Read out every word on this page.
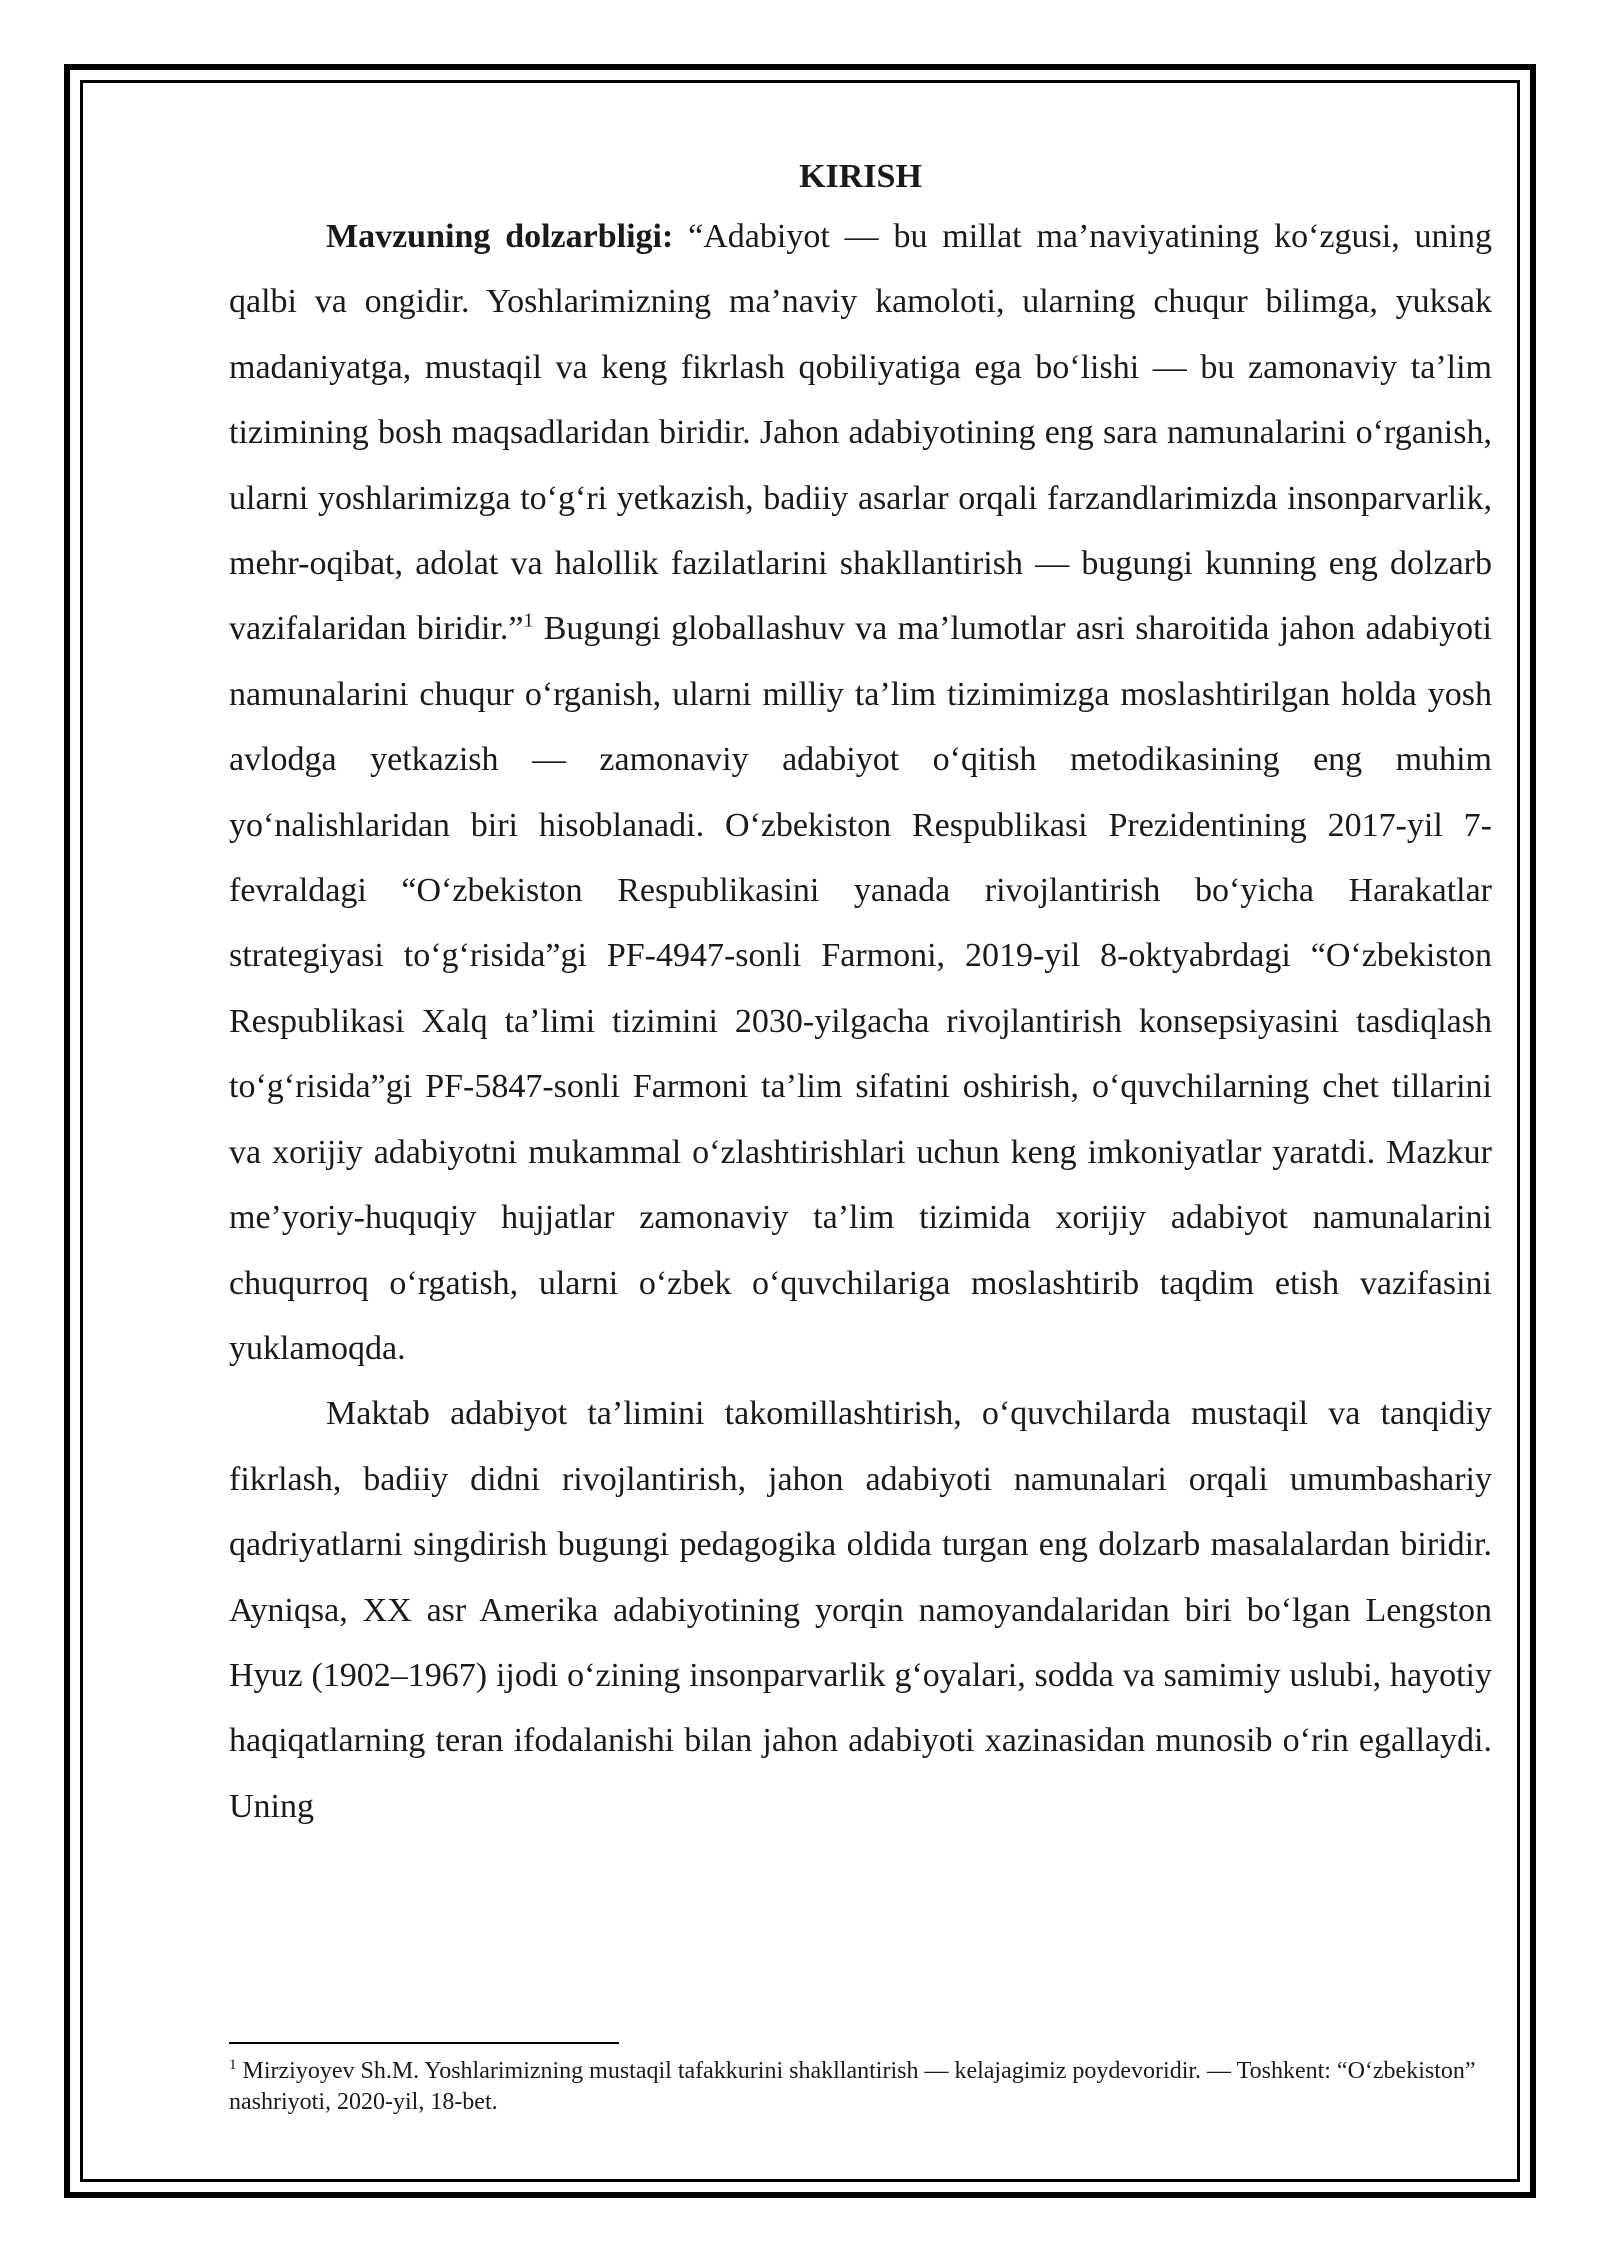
KIRISH

Mavzuning dolzarbligi: “Adabiyot — bu millat ma’naviyatining ko‘zgusi, uning qalbi va ongidir. Yoshlarimizning ma’naviy kamoloti, ularning chuqur bilimga, yuksak madaniyatga, mustaqil va keng fikrlash qobiliyatiga ega bo‘lishi — bu zamonaviy ta’lim tizimining bosh maqsadlaridan biridir. Jahon adabiyotining eng sara namunalarini o‘rganish, ularni yoshlarimizga to‘g‘ri yetkazish, badiiy asarlar orqali farzandlarimizda insonparvarlik, mehr-oqibat, adolat va halollik fazilatlarini shakllantirish — bugungi kunning eng dolzarb vazifalaridan biridir.”$^1$ Bugungi globallashuv va ma’lumotlar asri sharoitida jahon adabiyoti namunalarini chuqur o‘rganish, ularni milliy ta’lim tizimimizga moslashtirilgan holda yosh avlodga yetkazish — zamonaviy adabiyot o‘qitish metodikasining eng muhim yo‘nalishlaridan biri hisoblanadi. O‘zbekiston Respublikasi Prezidentining 2017-yil 7-fevraldagi “O‘zbekiston Respublikasini yanada rivojlantirish bo‘yicha Harakatlar strategiyasi to‘g‘risida”gi PF-4947-sonli Farmoni, 2019-yil 8-oktyabrdagi “O‘zbekiston Respublikasi Xalq ta’limi tizimini 2030-yilgacha rivojlantirish konsepsiyasini tasdiqlash to‘g‘risida”gi PF-5847-sonli Farmoni ta’lim sifatini oshirish, o‘quvchilarning chet tillarini va xorijiy adabiyotni mukammal o‘zlashtirishlari uchun keng imkoniyatlar yaratdi. Mazkur me’yoriy-huquqiy hujjatlar zamonaviy ta’lim tizimida xorijiy adabiyot namunalarini chuqurroq o‘rgatish, ularni o‘zbek o‘quvchilariga moslashtirib taqdim etish vazifasini yuklamoqda.

Maktab adabiyot ta’limini takomillashtirish, o‘quvchilarda mustaqil va tanqidiy fikrlash, badiiy didni rivojlantirish, jahon adabiyoti namunalari orqali umumbashariy qadriyatlarni singdirish bugungi pedagogika oldida turgan eng dolzarb masalalardan biridir. Ayniqsa, XX asr Amerika adabiyotining yorqin namoyandalaridan biri bo‘lgan Lengston Hyuz (1902–1967) ijodi o‘zining insonparvarlik g‘oyalari, sodda va samimiy uslubi, hayotiy haqiqatlarning teran ifodalanishi bilan jahon adabiyoti xazinasidan munosib o‘rin egallaydi. Uning

$^1$ Mirziyoyev Sh.M. Yoshlarimizning mustaqil tafakkurini shakllantirish — kelajagimiz poydevoridir. — Toshkent: “O‘zbekiston” nashriyoti, 2020-yil, 18-bet.
